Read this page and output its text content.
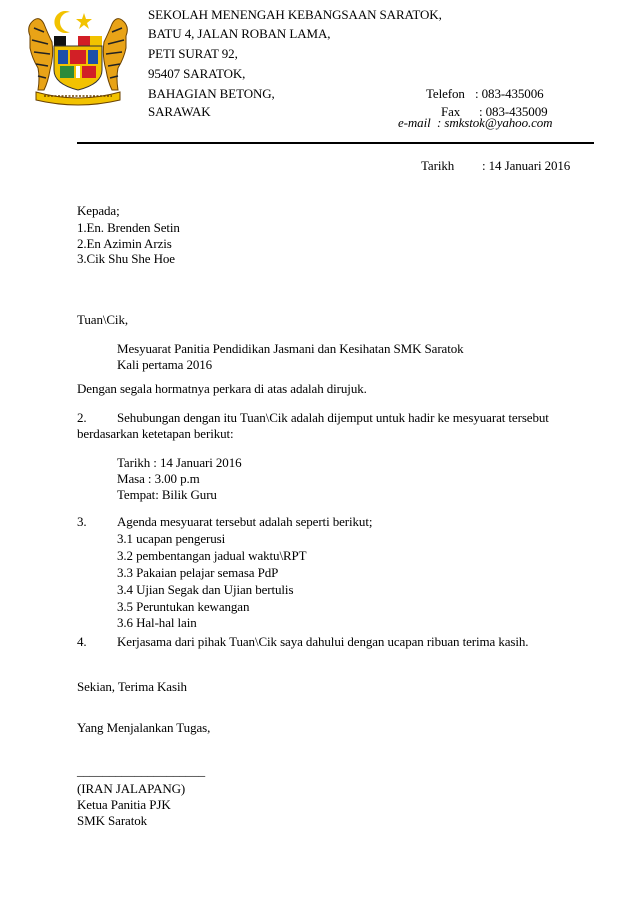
SEKOLAH MENENGAH KEBANGSAAN SARATOK,
BATU 4, JALAN ROBAN LAMA,
PETI SURAT 92,
95407 SARATOK,
BAHAGIAN BETONG,
SARAWAK
Telefon : 083-435006
Fax : 083-435009
e-mail : smkstok@yahoo.com
Tarikh : 14 Januari 2016
Kepada;
1.En. Brenden Setin
2.En Azimin Arzis
3.Cik Shu She Hoe
Tuan\Cik,
Mesyuarat Panitia Pendidikan Jasmani dan Kesihatan SMK Saratok
Kali pertama 2016
Dengan segala hormatnya perkara di atas adalah dirujuk.
2. Sehubungan dengan itu Tuan\Cik adalah dijemput untuk hadir ke mesyuarat tersebut
berdasarkan ketetapan berikut:
Tarikh : 14 Januari 2016
Masa : 3.00 p.m
Tempat: Bilik Guru
3. Agenda mesyuarat tersebut adalah seperti berikut;
3.1 ucapan pengerusi
3.2 pembentangan jadual waktu\RPT
3.3 Pakaian pelajar semasa PdP
3.4 Ujian Segak dan Ujian bertulis
3.5 Peruntukan kewangan
3.6 Hal-hal lain
4. Kerjasama dari pihak Tuan\Cik saya dahului dengan ucapan ribuan terima kasih.
Sekian, Terima Kasih
Yang Menjalankan Tugas,
____________________
(IRAN JALAPANG)
Ketua Panitia PJK
SMK Saratok
